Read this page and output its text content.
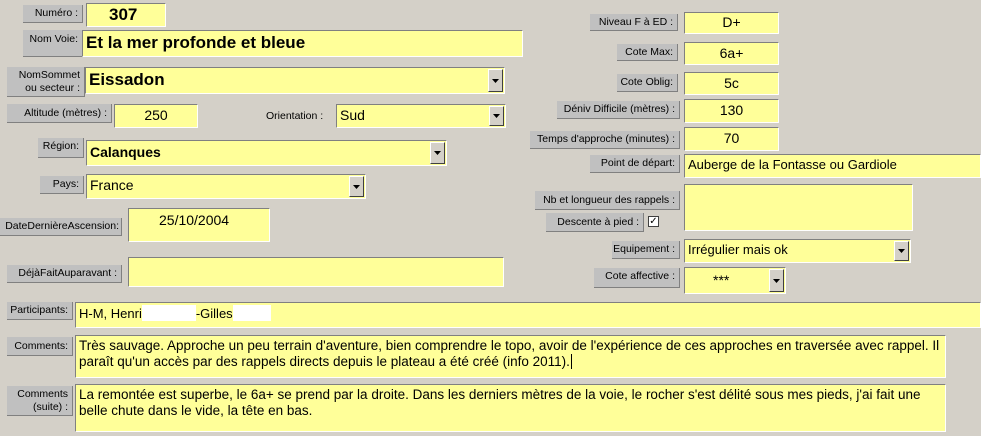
Numéro :	307
Nom Voie: Et la mer profonde et bleue
NomSommet ou secteur : Eissadon
Altitude (mètres) :	250	Orientation : Sud
Région: Calanques
Pays: France
DateDernièreAscension:	25/10/2004
DéjàFaitAuparavant :
Participants: H-M, Henri	-Gilles
Comments: Très sauvage. Approche un peu terrain d'aventure, bien comprendre le topo, avoir de l'expérience de ces approches en traversée avec rappel. Il paraît qu'un accès par des rappels directs depuis le plateau a été créé (info 2011).
Comments (suite) :
La remontée est superbe, le 6a+ se prend par la droite. Dans les derniers mètres de la voie, le rocher s'est délité sous mes pieds, j'ai fait une belle chute dans le vide, la tête en bas.
Niveau F à ED :	D+
Cote Max:	6a+
Cote Oblig:	5c
Déniv Difficile (mètres) :	130
Temps d'approche (minutes) :	70
Point de départ:	Auberge de la Fontasse ou Gardiole
Nb et longueur des rappels :
Descente à pied :	✓
Equipement :	Irrégulier mais ok
Cote affective :	***
